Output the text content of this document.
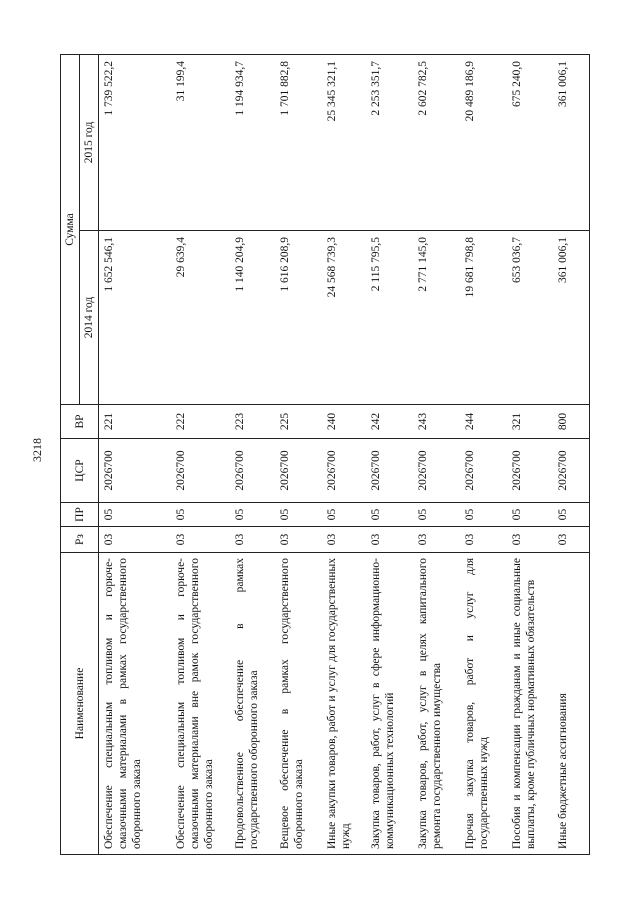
3218
Наименование	Рз	ПР	ЦСР	ВР	Сумма	
					2014 год	2015 год
Обеспечение специальным топливом и горюче-смазочными материалами в рамках государственного оборонного заказа	03	05	2026700	221	1 652 546,1	1 739 522,2
Обеспечение специальным топливом и горюче-смазочными материалами вне рамок государственного оборонного заказа	03	05	2026700	222	29 639,4	31 199,4
Продовольственное обеспечение в рамках государственного оборонного заказа	03	05	2026700	223	1 140 204,9	1 194 934,7
Вещевое обеспечение в рамках государственного оборонного заказа	03	05	2026700	225	1 616 208,9	1 701 882,8
Иные закупки товаров, работ и услуг для государственных нужд	03	05	2026700	240	24 568 739,3	25 345 321,1
Закупка товаров, работ, услуг в сфере информационно-коммуникационных технологий	03	05	2026700	242	2 115 795,5	2 253 351,7
Закупка товаров, работ, услуг в целях капитального ремонта государственного имущества	03	05	2026700	243	2 771 145,0	2 602 782,5
Прочая закупка товаров, работ и услуг для государственных нужд	03	05	2026700	244	19 681 798,8	20 489 186,9
Пособия и компенсации гражданам и иные социальные выплаты, кроме публичных нормативных обязательств	03	05	2026700	321	653 036,7	675 240,0
Иные бюджетные ассигнования	03	05	2026700	800	361 006,1	361 006,1
